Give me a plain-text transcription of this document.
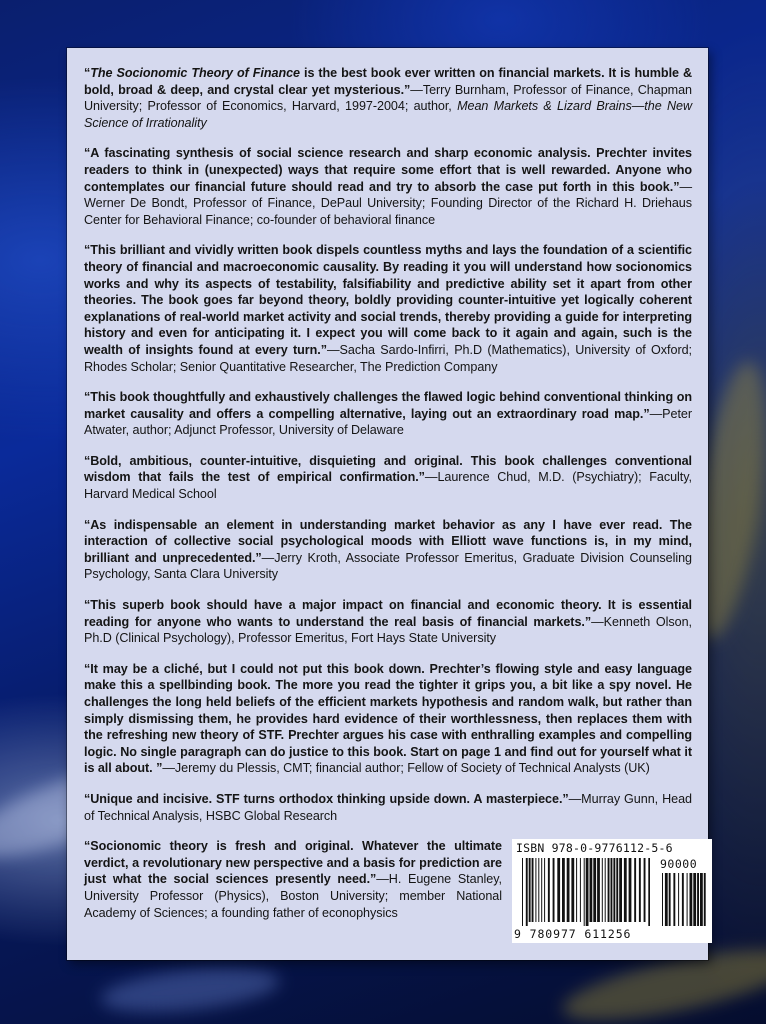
“The Socionomic Theory of Finance is the best book ever written on financial markets. It is humble & bold, broad & deep, and crystal clear yet mysterious.”—Terry Burnham, Professor of Finance, Chapman University; Professor of Economics, Harvard, 1997-2004; author, Mean Markets & Lizard Brains—the New Science of Irrationality

“A fascinating synthesis of social science research and sharp economic analysis. Prechter invites readers to think in (unexpected) ways that require some effort that is well rewarded. Anyone who contemplates our financial future should read and try to absorb the case put forth in this book.”—Werner De Bondt, Professor of Finance, DePaul University; Founding Director of the Richard H. Driehaus Center for Behavioral Finance; co-founder of behavioral finance

“This brilliant and vividly written book dispels countless myths and lays the foundation of a scientific theory of financial and macroeconomic causality. By reading it you will understand how socionomics works and why its aspects of testability, falsifiability and predictive ability set it apart from other theories. The book goes far beyond theory, boldly providing counter-intuitive yet logically coherent explanations of real-world market activity and social trends, thereby providing a guide for interpreting history and even for anticipating it. I expect you will come back to it again and again, such is the wealth of insights found at every turn.”—Sacha Sardo-Infirri, Ph.D (Mathematics), University of Oxford; Rhodes Scholar; Senior Quantitative Researcher, The Prediction Company

“This book thoughtfully and exhaustively challenges the flawed logic behind conventional thinking on market causality and offers a compelling alternative, laying out an extraordinary road map.”—Peter Atwater, author; Adjunct Professor, University of Delaware

“Bold, ambitious, counter-intuitive, disquieting and original. This book challenges conventional wisdom that fails the test of empirical confirmation.”—Laurence Chud, M.D. (Psychiatry); Faculty, Harvard Medical School

“As indispensable an element in understanding market behavior as any I have ever read. The interaction of collective social psychological moods with Elliott wave functions is, in my mind, brilliant and unprecedented.”—Jerry Kroth, Associate Professor Emeritus, Graduate Division Counseling Psychology, Santa Clara University

“This superb book should have a major impact on financial and economic theory. It is essential reading for anyone who wants to understand the real basis of financial markets.”—Kenneth Olson, Ph.D (Clinical Psychology), Professor Emeritus, Fort Hays State University

“It may be a cliché, but I could not put this book down. Prechter’s flowing style and easy language make this a spellbinding book. The more you read the tighter it grips you, a bit like a spy novel. He challenges the long held beliefs of the efficient markets hypothesis and random walk, but rather than simply dismissing them, he provides hard evidence of their worthlessness, then replaces them with the refreshing new theory of STF. Prechter argues his case with enthralling examples and compelling logic. No single paragraph can do justice to this book. Start on page 1 and find out for yourself what it is all about. ”—Jeremy du Plessis, CMT; financial author; Fellow of Society of Technical Analysts (UK)

“Unique and incisive. STF turns orthodox thinking upside down. A masterpiece.”—Murray Gunn, Head of Technical Analysis, HSBC Global Research

“Socionomic theory is fresh and original. Whatever the ultimate verdict, a revolutionary new perspective and a basis for prediction are just what the social sciences presently need.”—H. Eugene Stanley, University Professor (Physics), Boston University; member National Academy of Sciences; a founding father of econophysics

ISBN 978-0-9776112-5-6
90000
9 780977 611256
